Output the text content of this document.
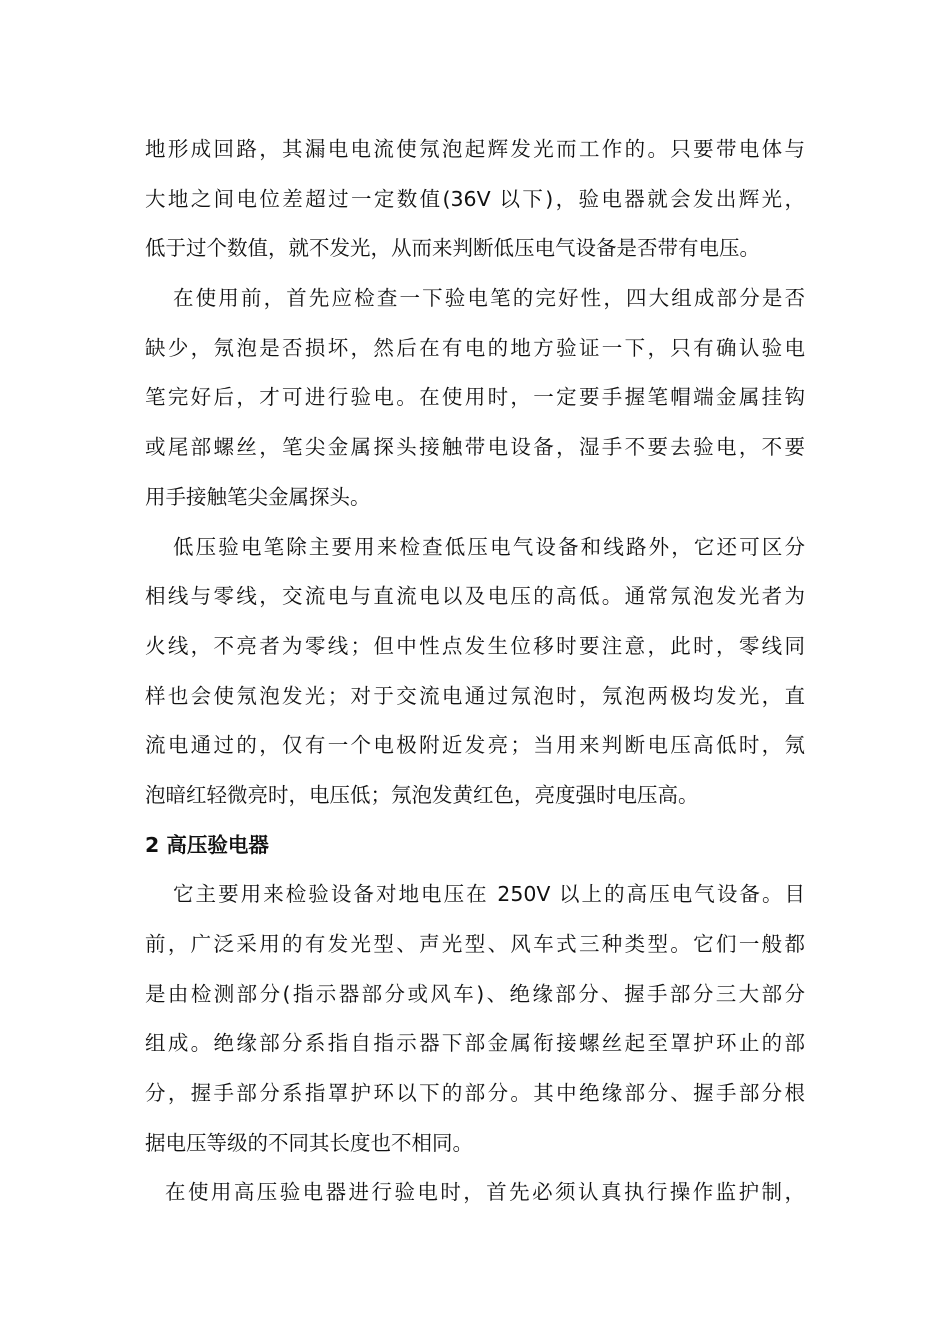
地形成回路，其漏电电流使氖泡起辉发光而工作的。只要带电体与
大地之间电位差超过一定数值(36V 以下)，验电器就会发出辉光，
低于过个数值，就不发光，从而来判断低压电气设备是否带有电压。
在使用前，首先应检查一下验电笔的完好性，四大组成部分是否
缺少，氖泡是否损坏，然后在有电的地方验证一下，只有确认验电
笔完好后，才可进行验电。在使用时，一定要手握笔帽端金属挂钩
或尾部螺丝，笔尖金属探头接触带电设备，湿手不要去验电，不要
用手接触笔尖金属探头。
低压验电笔除主要用来检查低压电气设备和线路外，它还可区分
相线与零线，交流电与直流电以及电压的高低。通常氖泡发光者为
火线，不亮者为零线；但中性点发生位移时要注意，此时，零线同
样也会使氖泡发光；对于交流电通过氖泡时，氖泡两极均发光，直
流电通过的，仅有一个电极附近发亮；当用来判断电压高低时，氖
泡暗红轻微亮时，电压低；氖泡发黄红色，亮度强时电压高。
2 高压验电器
它主要用来检验设备对地电压在 250V 以上的高压电气设备。目
前，广泛采用的有发光型、声光型、风车式三种类型。它们一般都
是由检测部分(指示器部分或风车)、绝缘部分、握手部分三大部分
组成。绝缘部分系指自指示器下部金属衔接螺丝起至罩护环止的部
分，握手部分系指罩护环以下的部分。其中绝缘部分、握手部分根
据电压等级的不同其长度也不相同。
在使用高压验电器进行验电时，首先必须认真执行操作监护制，
